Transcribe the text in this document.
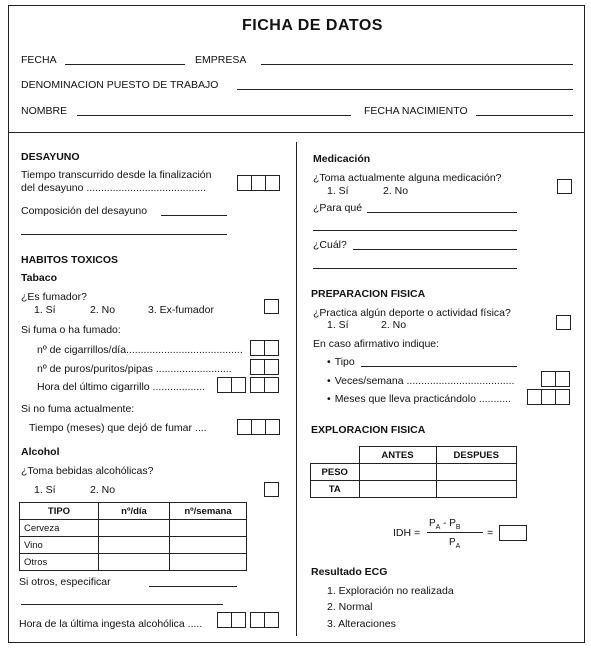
FICHA DE DATOS
FECHA	EMPRESA
DENOMINACION PUESTO DE TRABAJO
NOMBRE	FECHA NACIMIENTO
DESAYUNO
Tiempo transcurrido desde la finalización
del desayuno .........................................
Composición del desayuno
HABITOS TOXICOS
Tabaco
¿Es fumador?
1. Sí	2. No	3. Ex-fumador
Si fuma o ha fumado:
nº de cigarrillos/día........................................
nº de puros/puritos/pipas ..........................
Hora del último cigarrillo ..................
Si no fuma actualmente:
Tiempo (meses) que dejó de fumar ....
Alcohol
¿Toma bebidas alcohólicas?
1. Sí	2. No
TIPO	nº/día	nº/semana
Cerveza		
Vino		
Otros		
Si otros, especificar
Hora de la última ingesta alcohólica .....
Medicación
¿Toma actualmente alguna medicación?
1. Sí	2. No
¿Para qué
¿Cuál?
PREPARACION FISICA
¿Practica algún deporte o actividad física?
1. Sí	2. No
En caso afirmativo indique:
• Tipo
• Veces/semana .....................................
• Meses que lleva practicándolo ...........
EXPLORACION FISICA
	ANTES	DESPUES
PESO		
TA		
IDH =
$P_A - P_B$
$P_A$
=
Resultado ECG
1. Exploración no realizada
2. Normal
3. Alteraciones
